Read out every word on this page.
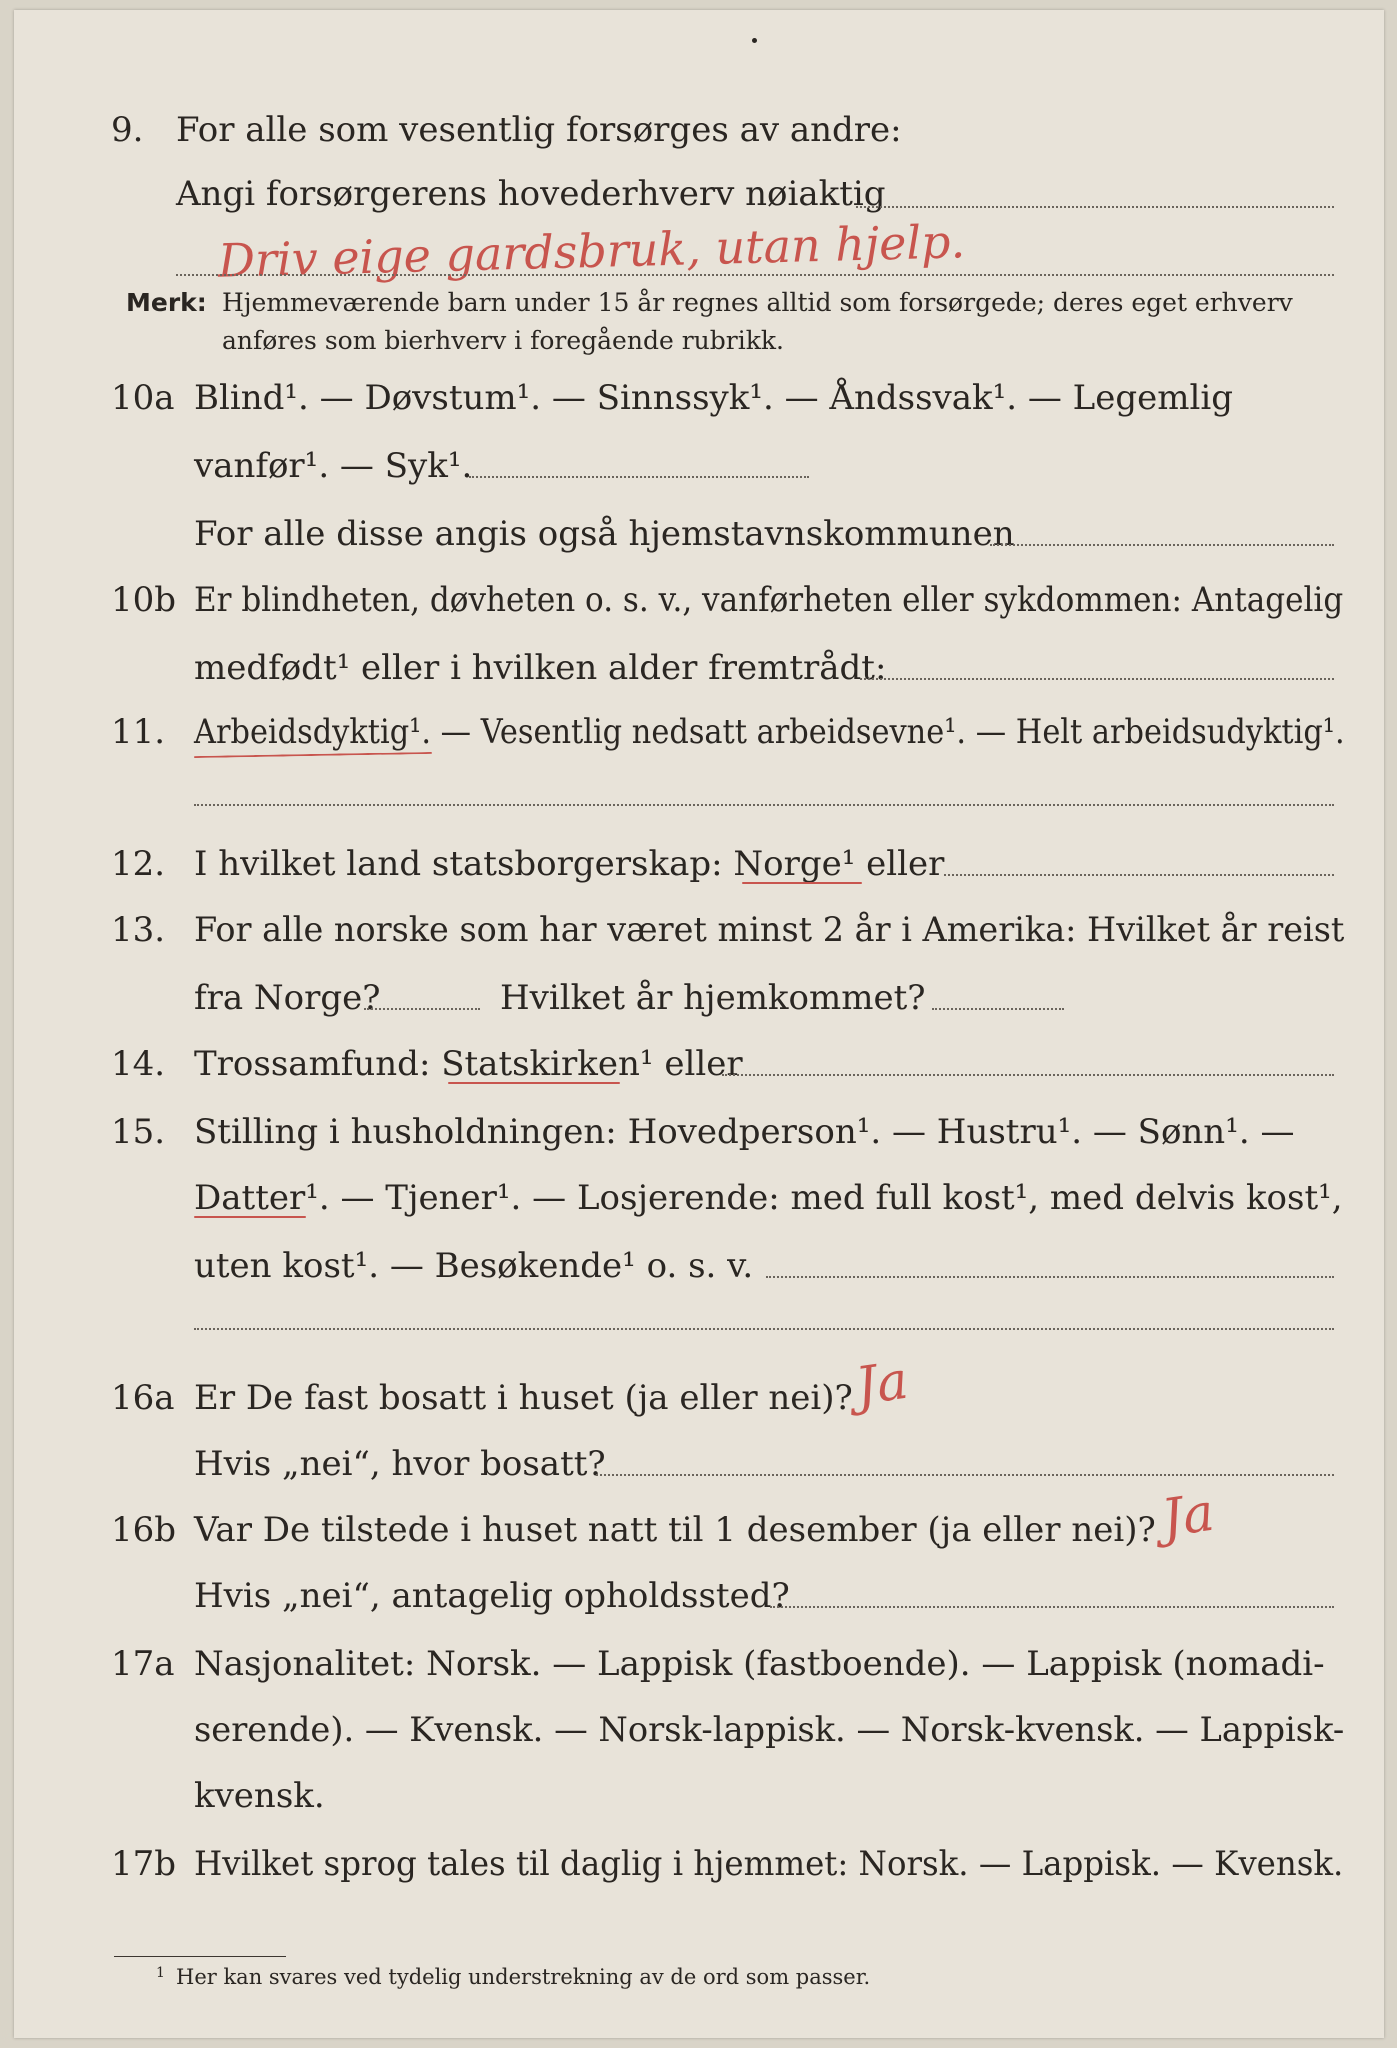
9. For alle som vesentlig forsørges av andre:
Angi forsørgerens hovederhverv nøiaktig
Driv eige gardsbruk, utan hjelp.
Merk: Hjemmeværende barn under 15 år regnes alltid som forsørgede; deres eget erhverv
anføres som bierhverv i foregående rubrikk.
10a Blind¹. — Døvstum¹. — Sinnssyk¹. — Åndssvak¹. — Legemlig
vanfør¹. — Syk¹.
For alle disse angis også hjemstavnskommunen
10b Er blindheten, døvheten o. s. v., vanførheten eller sykdommen: Antagelig
medfødt¹ eller i hvilken alder fremtrådt:
11. Arbeidsdyktig¹. — Vesentlig nedsatt arbeidsevne¹. — Helt arbeidsudyktig¹.
12. I hvilket land statsborgerskap: Norge¹ eller
13. For alle norske som har været minst 2 år i Amerika: Hvilket år reist
fra Norge?	Hvilket år hjemkommet?
14. Trossamfund: Statskirken¹ eller
15. Stilling i husholdningen: Hovedperson¹. — Hustru¹. — Sønn¹. —
Datter¹. — Tjener¹. — Losjerende: med full kost¹, med delvis kost¹,
uten kost¹. — Besøkende¹ o. s. v.
16a Er De fast bosatt i huset (ja eller nei)? Ja
Hvis „nei“, hvor bosatt?
16b Var De tilstede i huset natt til 1 desember (ja eller nei)? Ja
Hvis „nei“, antagelig opholdssted?
17a Nasjonalitet: Norsk. — Lappisk (fastboende). — Lappisk (nomadi-
serende). — Kvensk. — Norsk-lappisk. — Norsk-kvensk. — Lappisk-
kvensk.
17b Hvilket sprog tales til daglig i hjemmet: Norsk. — Lappisk. — Kvensk.
1 Her kan svares ved tydelig understrekning av de ord som passer.
